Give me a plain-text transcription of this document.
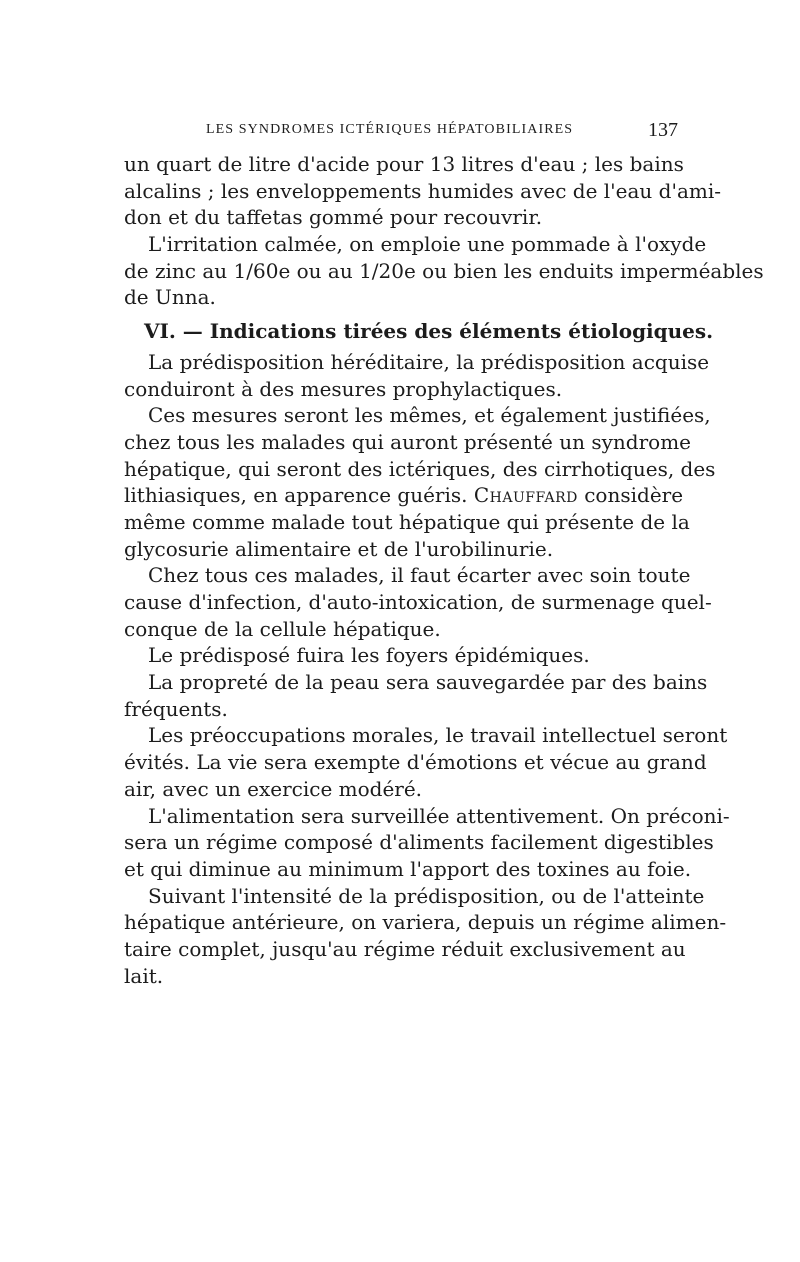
LES SYNDROMES ICTÉRIQUES HÉPATOBILIAIRES	137
un quart de litre d'acide pour 13 litres d'eau ; les bains
alcalins ; les enveloppements humides avec de l'eau d'ami-
don et du taffetas gommé pour recouvrir.
L'irritation calmée, on emploie une pommade à l'oxyde
de zinc au 1/60e ou au 1/20e ou bien les enduits imperméables
de Unna.
VI. — Indications tirées des éléments étiologiques.
La prédisposition héréditaire, la prédisposition acquise
conduiront à des mesures prophylactiques.
Ces mesures seront les mêmes, et également justifiées,
chez tous les malades qui auront présenté un syndrome
hépatique, qui seront des ictériques, des cirrhotiques, des
lithiasiques, en apparence guéris. Chauffard considère
même comme malade tout hépatique qui présente de la
glycosurie alimentaire et de l'urobilinurie.
Chez tous ces malades, il faut écarter avec soin toute
cause d'infection, d'auto-intoxication, de surmenage quel-
conque de la cellule hépatique.
Le prédisposé fuira les foyers épidémiques.
La propreté de la peau sera sauvegardée par des bains
fréquents.
Les préoccupations morales, le travail intellectuel seront
évités. La vie sera exempte d'émotions et vécue au grand
air, avec un exercice modéré.
L'alimentation sera surveillée attentivement. On préconi-
sera un régime composé d'aliments facilement digestibles
et qui diminue au minimum l'apport des toxines au foie.
Suivant l'intensité de la prédisposition, ou de l'atteinte
hépatique antérieure, on variera, depuis un régime alimen-
taire complet, jusqu'au régime réduit exclusivement au
lait.
